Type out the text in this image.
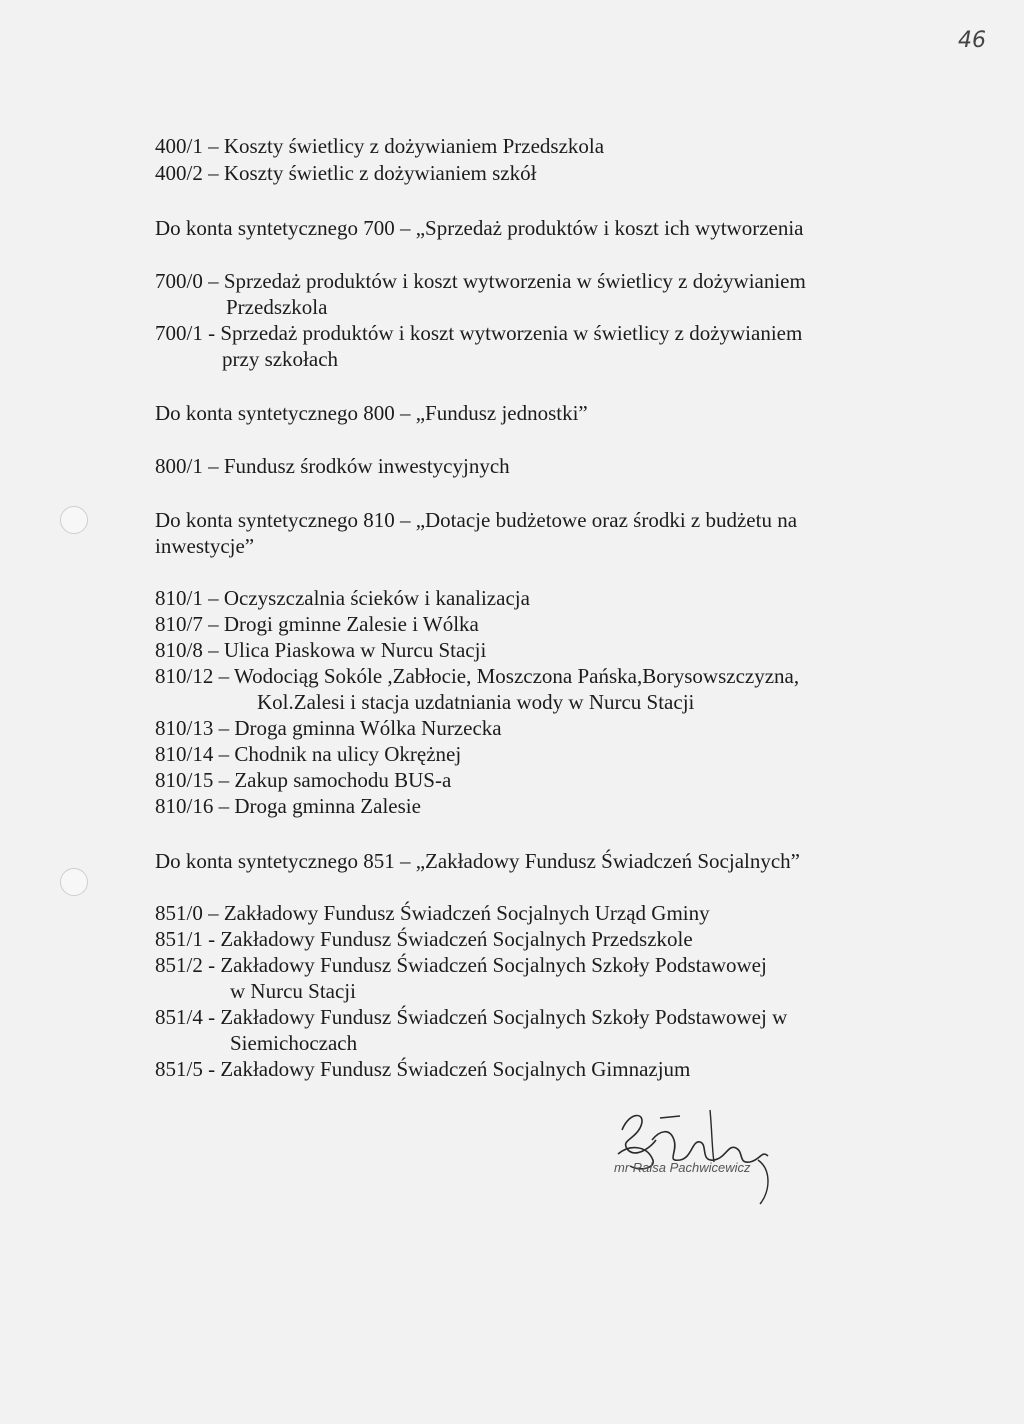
46
400/1 – Koszty świetlicy z dożywianiem Przedszkola
400/2 – Koszty świetlic z dożywianiem szkół
Do konta syntetycznego 700 – „Sprzedaż produktów i koszt ich wytworzenia
700/0 – Sprzedaż produktów i koszt wytworzenia w świetlicy z dożywianiem
Przedszkola
700/1 - Sprzedaż produktów i koszt wytworzenia w świetlicy z dożywianiem
przy szkołach
Do konta syntetycznego 800 – „Fundusz jednostki”
800/1 – Fundusz środków inwestycyjnych
Do konta syntetycznego 810 – „Dotacje budżetowe oraz środki z budżetu na
inwestycje”
810/1 – Oczyszczalnia ścieków i kanalizacja
810/7 – Drogi gminne Zalesie i Wólka
810/8 – Ulica Piaskowa w Nurcu Stacji
810/12 – Wodociąg Sokóle ,Zabłocie, Moszczona Pańska,Borysowszczyzna,
Kol.Zalesi i stacja uzdatniania wody w Nurcu Stacji
810/13 – Droga gminna Wólka Nurzecka
810/14 – Chodnik na ulicy Okrężnej
810/15 – Zakup samochodu BUS-a
810/16 – Droga gminna Zalesie
Do konta syntetycznego 851 – „Zakładowy Fundusz Świadczeń Socjalnych”
851/0 – Zakładowy Fundusz Świadczeń Socjalnych Urząd Gminy
851/1 - Zakładowy Fundusz Świadczeń Socjalnych Przedszkole
851/2 - Zakładowy Fundusz Świadczeń Socjalnych Szkoły Podstawowej
w Nurcu Stacji
851/4 - Zakładowy Fundusz Świadczeń Socjalnych Szkoły Podstawowej w
Siemichoczach
851/5 - Zakładowy Fundusz Świadczeń Socjalnych Gimnazjum
mr Raisa Pachwicewicz
